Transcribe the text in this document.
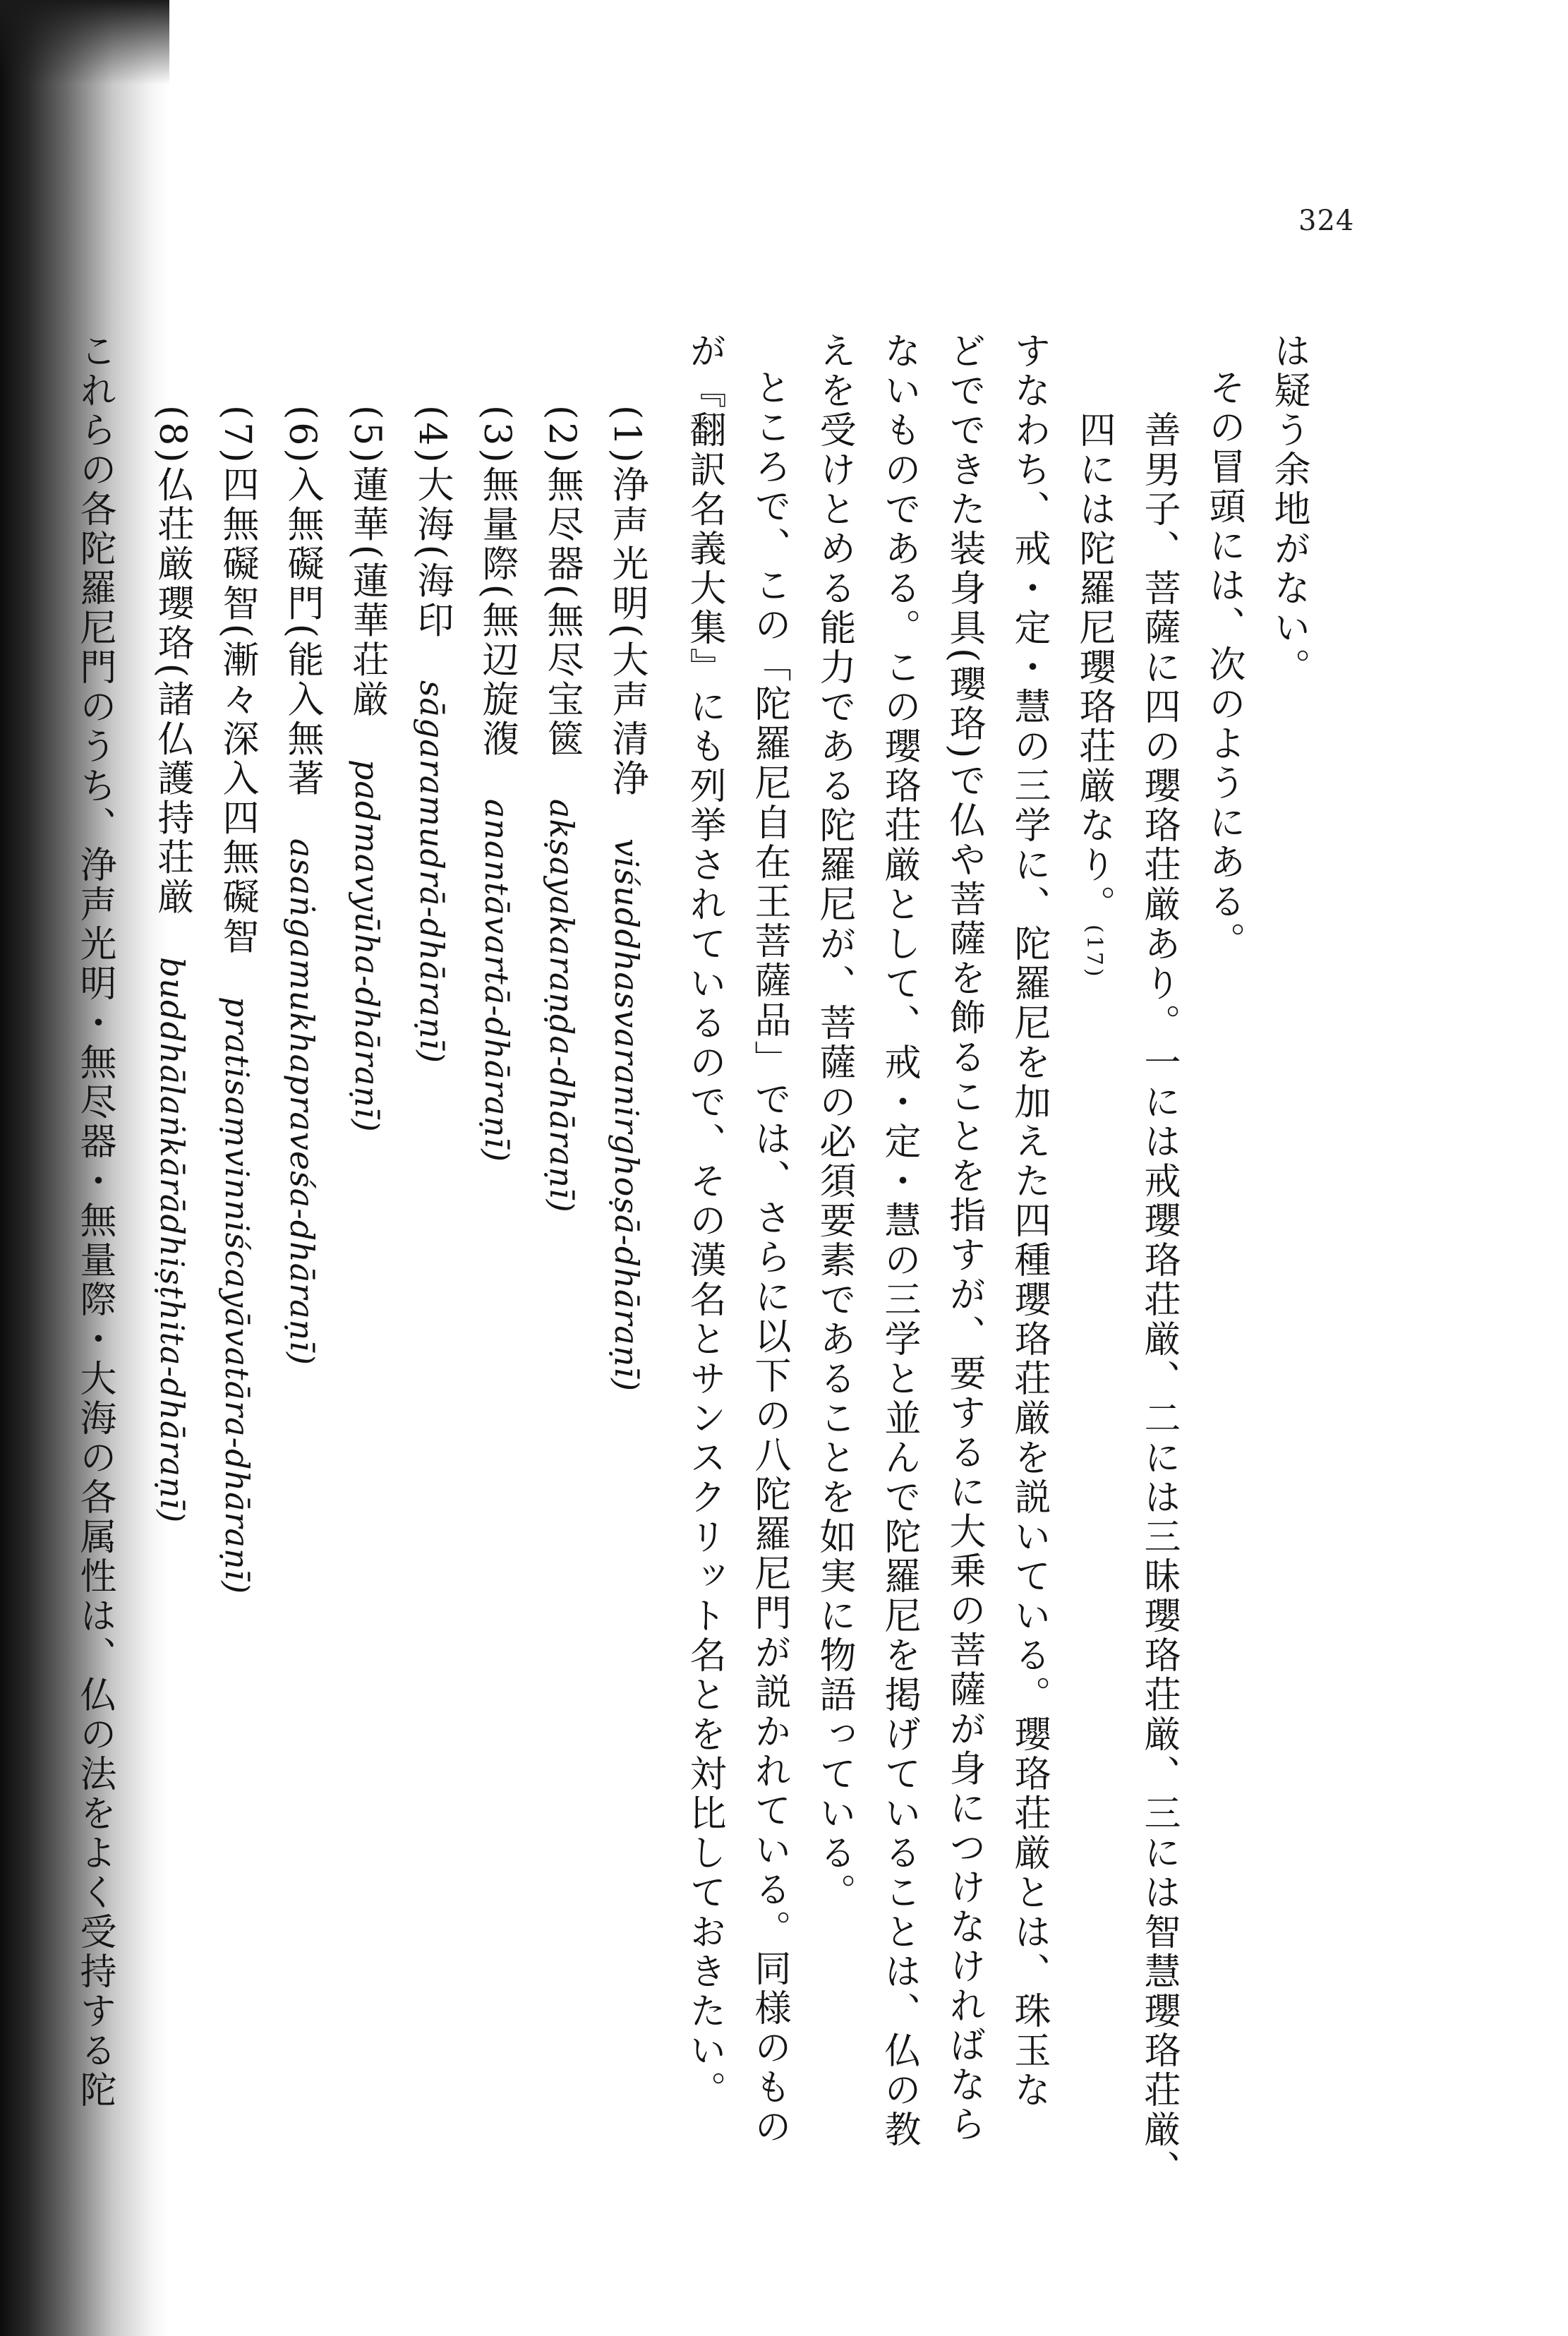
324
は疑う余地がない。
その冒頭には、次のようにある。
善男子、菩薩に四の瓔珞荘厳あり。一には戒瓔珞荘厳、二には三昧瓔珞荘厳、三には智慧瓔珞荘厳、
四には陀羅尼瓔珞荘厳なり。(17)
すなわち、戒・定・慧の三学に、陀羅尼を加えた四種瓔珞荘厳を説いている。瓔珞荘厳とは、珠玉な
どでできた装身具(瓔珞)で仏や菩薩を飾ることを指すが、要するに大乗の菩薩が身につけなければなら
ないものである。この瓔珞荘厳として、戒・定・慧の三学と並んで陀羅尼を掲げていることは、仏の教
えを受けとめる能力である陀羅尼が、菩薩の必須要素であることを如実に物語っている。
ところで、この「陀羅尼自在王菩薩品」では、さらに以下の八陀羅尼門が説かれている。同様のもの
が『翻訳名義大集』にも列挙されているので、その漢名とサンスクリット名とを対比しておきたい。
(1)浄声光明(大声清浄　viśuddhasvaranirghoṣā-dhāraṇī)
(2)無尽器(無尽宝篋　akṣayakaraṇḍa-dhāraṇī)
(3)無量際(無辺旋澓　anantāvartā-dhāraṇī)
(4)大海(海印　sāgaramudrā-dhāraṇī)
(5)蓮華(蓮華荘厳　padmavyūha-dhāraṇī)
(6)入無礙門(能入無著　asaṅgamukhapraveśa-dhāraṇī)
(7)四無礙智(漸々深入四無礙智　pratisaṃvinniścayāvatāra-dhāraṇī)
(8)仏荘厳瓔珞(諸仏護持荘厳　buddhālaṅkārādhiṣṭhita-dhāraṇī)
これらの各陀羅尼門のうち、浄声光明・無尽器・無量際・大海の各属性は、仏の法をよく受持する陀
